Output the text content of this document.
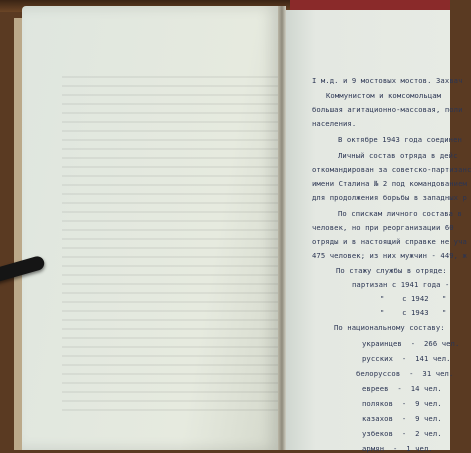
I м.д. и 9 мостовых мостов. Захвач
Коммунистом и комсомольцам
большая агитационно-массовая, поли
населения.
В октябре 1943 года соединен
Личный состав отряда в дейс
откомандирован за советско-партизанс
имени Сталина № 2 под командованием
для продолжения борьбы в западных р
По спискам личного состава в
человек, но при реорганизации 60
отряды и в настоящий справке не уча
475 человек; из них мужчин - 449, ж
По стажу службы в отряде:
партизан с 1941 года -
"    с 1942   "
"    с 1943   "
По национальному составу:
украинцев  -  266 чел.
русских  -  141 чел.
белоруссов  -  31 чел.
евреев  -  14 чел.
поляков  -  9 чел.
казахов  -  9 чел.
узбеков  -  2 чел.
армян  -  1 чел.
